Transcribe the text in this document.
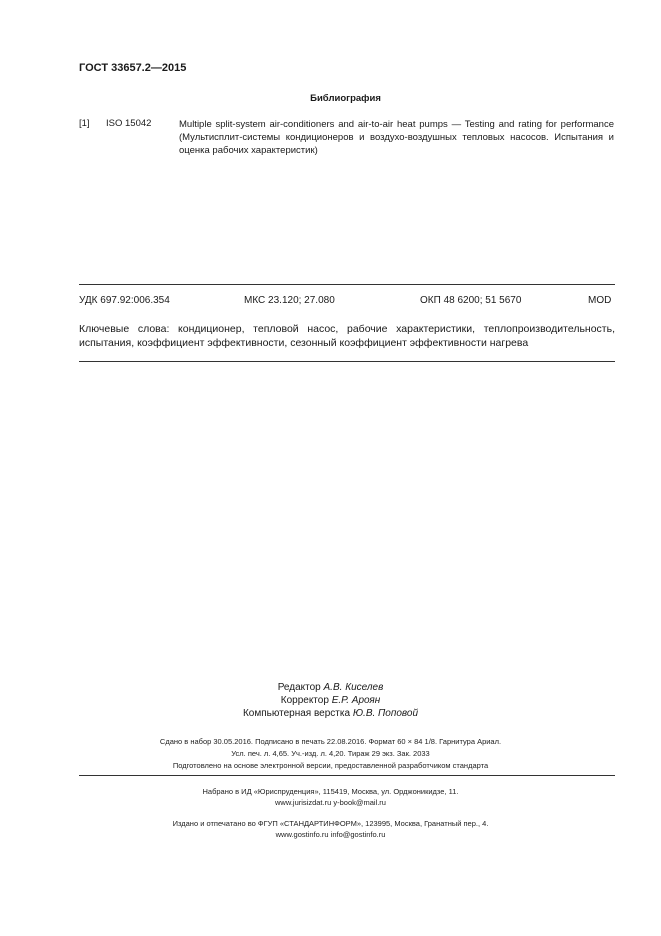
ГОСТ 33657.2—2015
Библиография
[1] ISO 15042	Multiple split-system air-conditioners and air-to-air heat pumps — Testing and rating for performance (Мультисплит-системы кондиционеров и воздухо-воздушных тепловых насосов. Испытания и оценка рабочих характеристик)
УДК 697.92:006.354	МКС 23.120; 27.080	ОКП 48 6200; 51 5670	MOD
Ключевые слова: кондиционер, тепловой насос, рабочие характеристики, теплопроизводительность, испытания, коэффициент эффективности, сезонный коэффициент эффективности нагрева
Редактор А.В. Киселев
Корректор Е.Р. Ароян
Компьютерная верстка Ю.В. Поповой
Сдано в набор 30.05.2016. Подписано в печать 22.08.2016. Формат 60 × 84 1/8. Гарнитура Ариал.
Усл. печ. л. 4,65. Уч.-изд. л. 4,20. Тираж 29 экз. Зак. 2033
Подготовлено на основе электронной версии, предоставленной разработчиком стандарта
Набрано в ИД «Юриспруденция», 115419, Москва, ул. Орджоникидзе, 11.
www.jurisizdat.ru y-book@mail.ru
Издано и отпечатано во ФГУП «СТАНДАРТИНФОРМ», 123995, Москва, Гранатный пер., 4.
www.gostinfo.ru info@gostinfo.ru
